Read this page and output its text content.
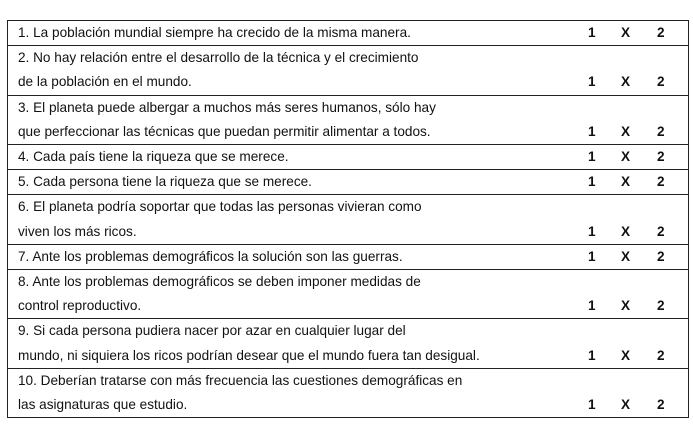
1. La población mundial siempre ha crecido de la misma manera.	1	X	2

2. No hay relación entre el desarrollo de la técnica y el crecimiento
de la población en el mundo.	1	X	2

3. El planeta puede albergar a muchos más seres humanos, sólo hay
que perfeccionar las técnicas que puedan permitir alimentar a todos.	1	X	2

4. Cada país tiene la riqueza que se merece.	1	X	2

5. Cada persona tiene la riqueza que se merece.	1	X	2

6. El planeta podría soportar que todas las personas vivieran como
viven los más ricos.	1	X	2

7. Ante los problemas demográficos la solución son las guerras.	1	X	2

8. Ante los problemas demográficos se deben imponer medidas de
control reproductivo.	1	X	2

9. Si cada persona pudiera nacer por azar en cualquier lugar del
mundo, ni siquiera los ricos podrían desear que el mundo fuera tan desigual.	1	X	2

10. Deberían tratarse con más frecuencia las cuestiones demográficas en
las asignaturas que estudio.	1	X	2
